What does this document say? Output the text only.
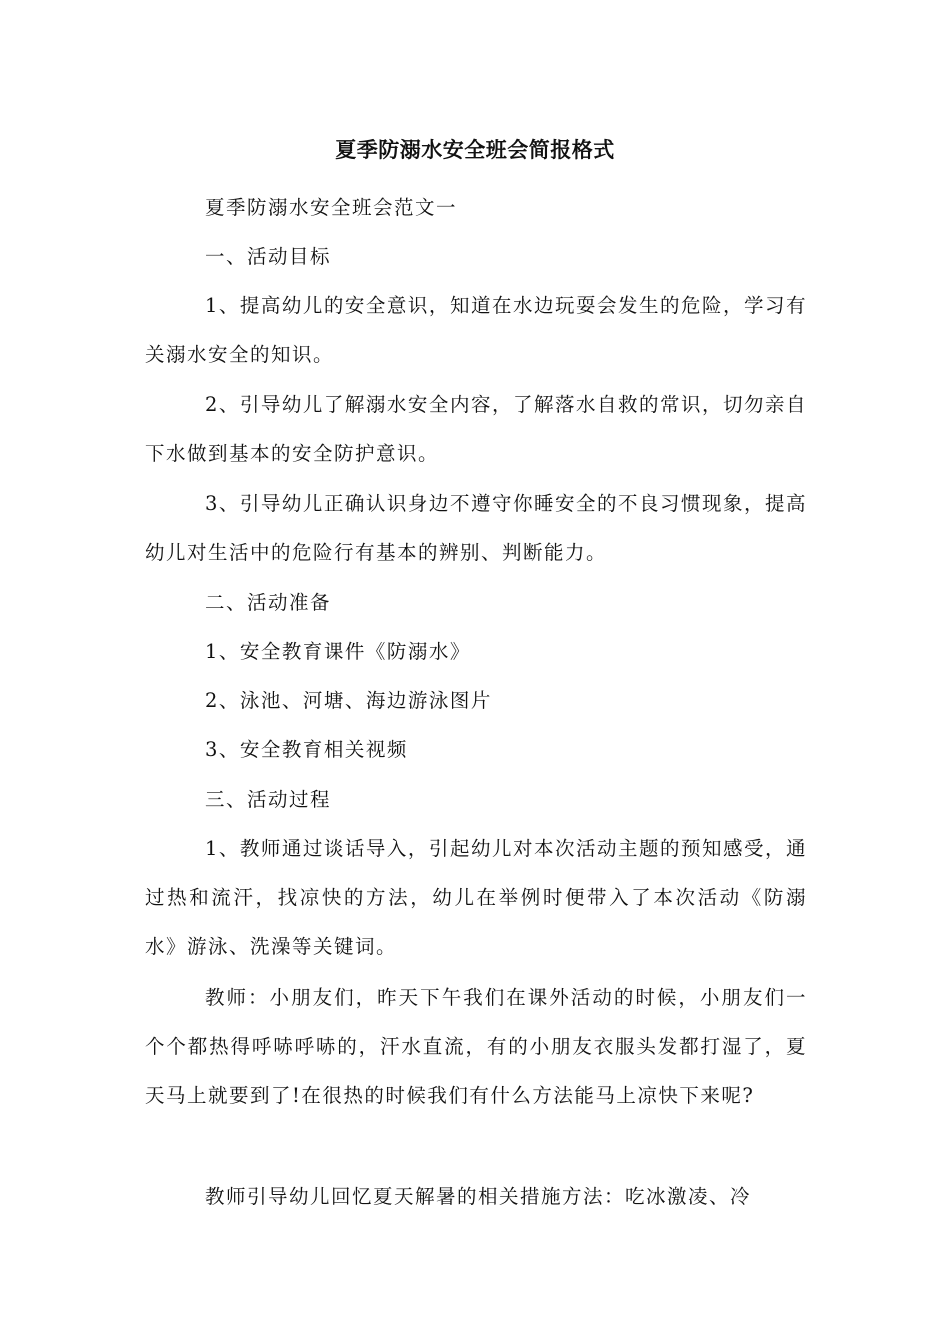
夏季防溺水安全班会简报格式

夏季防溺水安全班会范文一

一、活动目标

1、提高幼儿的安全意识，知道在水边玩耍会发生的危险，学习有关溺水安全的知识。

2、引导幼儿了解溺水安全内容，了解落水自救的常识，切勿亲自下水做到基本的安全防护意识。

3、引导幼儿正确认识身边不遵守你睡安全的不良习惯现象，提高幼儿对生活中的危险行有基本的辨别、判断能力。

二、活动准备

1、安全教育课件《防溺水》

2、泳池、河塘、海边游泳图片

3、安全教育相关视频

三、活动过程

1、教师通过谈话导入，引起幼儿对本次活动主题的预知感受，通过热和流汗，找凉快的方法，幼儿在举例时便带入了本次活动《防溺水》游泳、洗澡等关键词。

教师：小朋友们，昨天下午我们在课外活动的时候，小朋友们一个个都热得呼哧呼哧的，汗水直流，有的小朋友衣服头发都打湿了，夏天马上就要到了!在很热的时候我们有什么方法能马上凉快下来呢?

教师引导幼儿回忆夏天解暑的相关措施方法：吃冰激凌、冷
